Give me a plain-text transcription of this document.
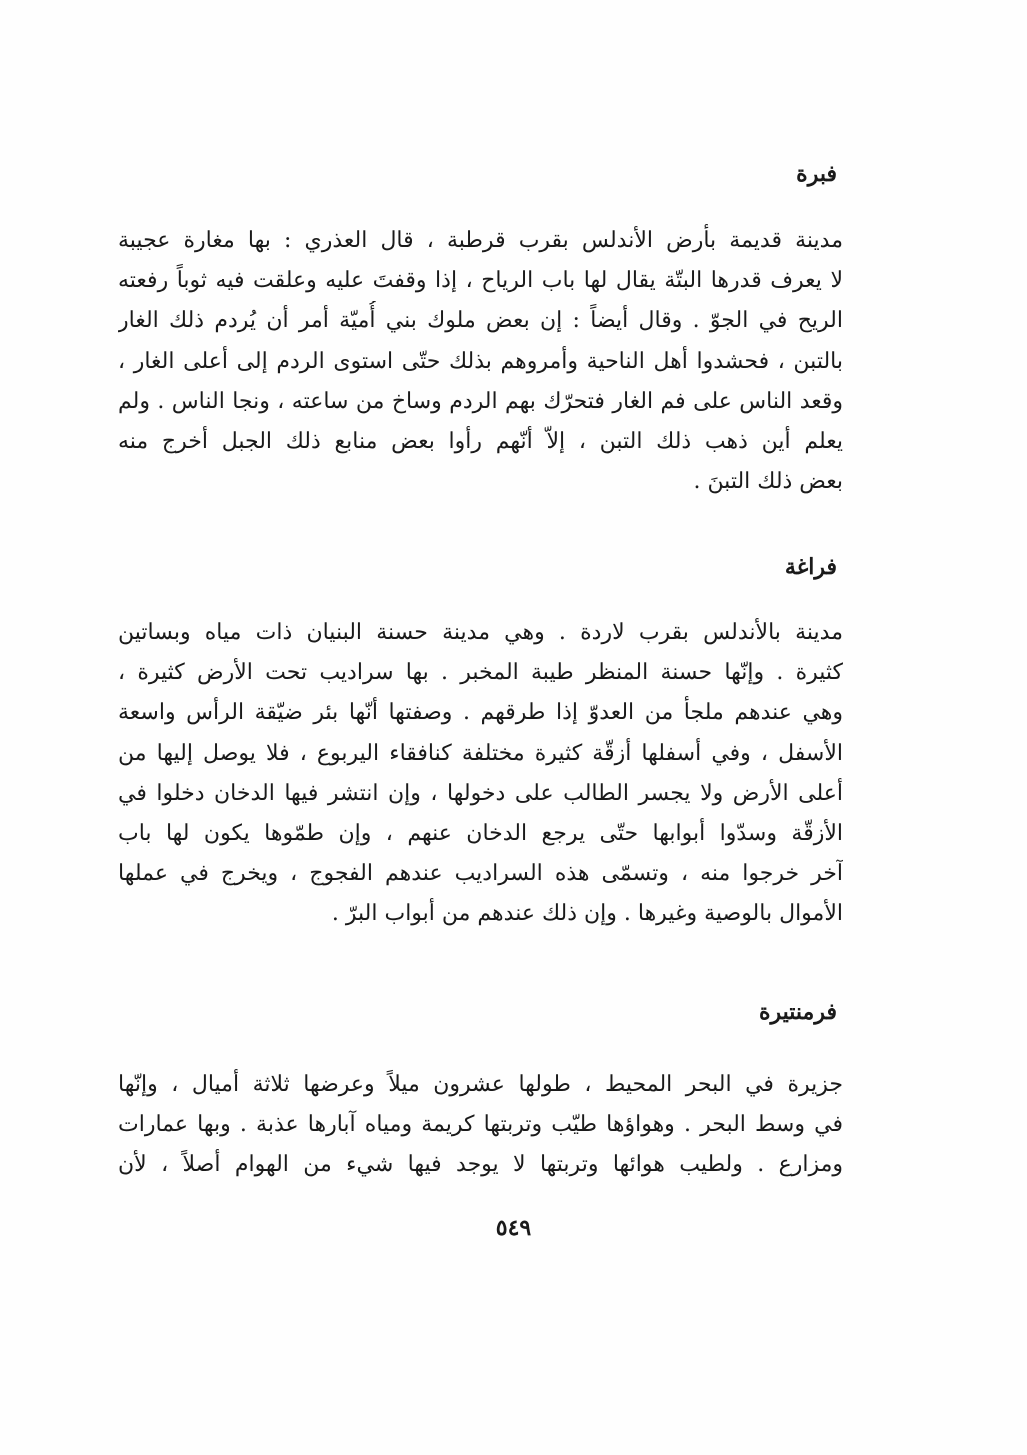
فبرة

مدينة قديمة بأرض الأندلس بقرب قرطبة ، قال العذري : بها مغارة عجيبة
لا يعرف قدرها البتّة يقال لها باب الرياح ، إذا وقفتَ عليه وعلقت فيه ثوباً رفعته
الريح في الجوّ . وقال أيضاً : إن بعض ملوك بني أُميّة أمر أن يُردم ذلك الغار
بالتبن ، فحشدوا أهل الناحية وأمروهم بذلك حتّى استوى الردم إلى أعلى الغار ،
وقعد الناس على فم الغار فتحرّك بهم الردم وساخ من ساعته ، ونجا الناس . ولم
يعلم أين ذهب ذلك التبن ، إلاّ أنّهم رأوا بعض منابع ذلك الجبل أخرج منه
بعض ذلك التبنَ .

فراغة

مدينة بالأندلس بقرب لاردة . وهي مدينة حسنة البنيان ذات مياه وبساتين
كثيرة . وإنّها حسنة المنظر طيبة المخبر . بها سراديب تحت الأرض كثيرة ،
وهي عندهم ملجأ من العدوّ إذا طرقهم . وصفتها أنّها بئر ضيّقة الرأس واسعة
الأسفل ، وفي أسفلها أزقّة كثيرة مختلفة كنافقاء اليربوع ، فلا يوصل إليها من
أعلى الأرض ولا يجسر الطالب على دخولها ، وإن انتشر فيها الدخان دخلوا في
الأزقّة وسدّوا أبوابها حتّى يرجع الدخان عنهم ، وإن طمّوها يكون لها باب
آخر خرجوا منه ، وتسمّى هذه السراديب عندهم الفجوج ، ويخرج في عملها
الأموال بالوصية وغيرها . وإن ذلك عندهم من أبواب البرّ .

فرمنتيرة

جزيرة في البحر المحيط ، طولها عشرون ميلاً وعرضها ثلاثة أميال ، وإنّها
في وسط البحر . وهواؤها طيّب وتربتها كريمة ومياه آبارها عذبة . وبها عمارات
ومزارع . ولطيب هوائها وتربتها لا يوجد فيها شيء من الهوام أصلاً ، لأن

٥٤٩
